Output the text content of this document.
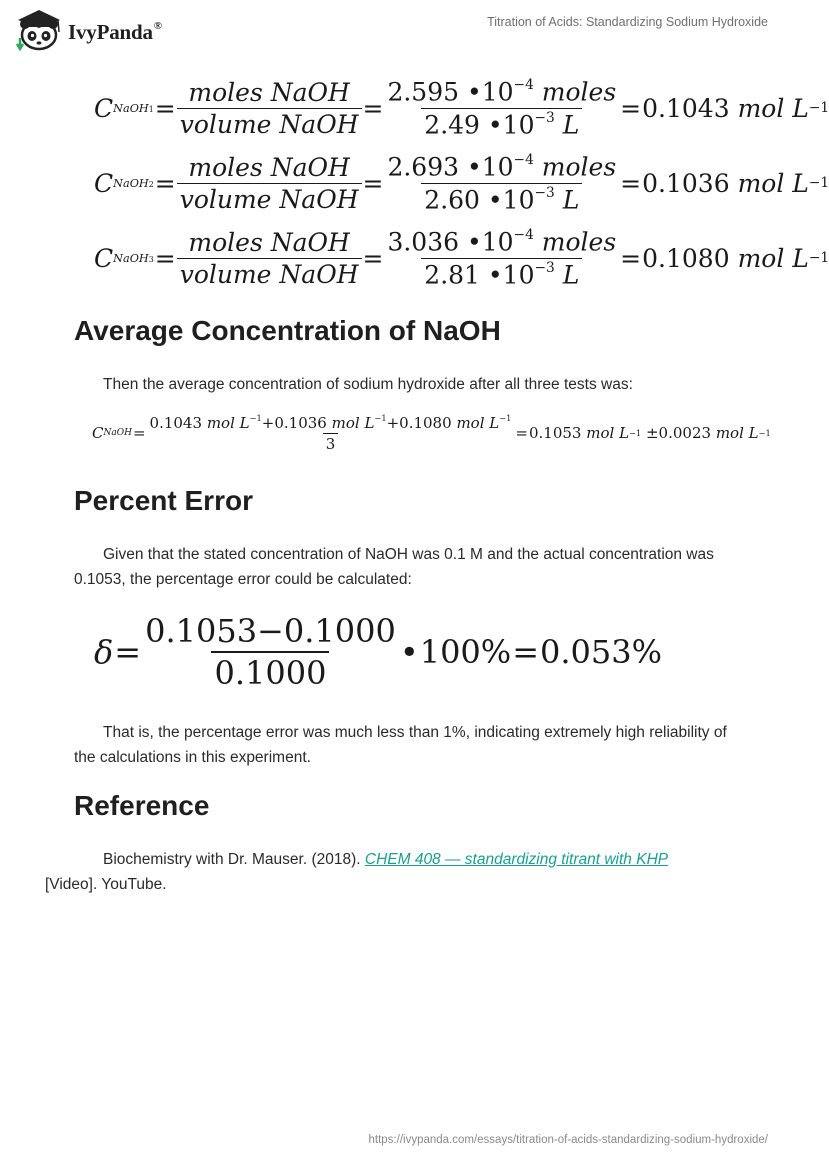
IvyPanda®	Titration of Acids: Standardizing Sodium Hydroxide
C NaOH1 = $\frac{\text{moles NaOH}}{\text{volume NaOH}} = \frac{2.595 •10^{-4} moles}{2.49 •10^{-3} L} = 0.1043$
mol L −1
C NaOH2 = $\frac{\text{moles NaOH}}{\text{volume NaOH}} = \frac{2.693 •10^{-4} moles}{2.60 •10^{-3} L} = 0.1036$
mol L −1
C NaOH3 = $\frac{\text{moles NaOH}}{\text{volume NaOH}} = \frac{3.036 •10^{-4} moles}{2.81 •10^{-3} L} = 0.1080$
mol L −1
Average Concentration of NaOH

Then the average concentration of sodium hydroxide after all three tests was:

C NaOH = $\frac{0.1043 mol L^{-1}+0.1036 mol L^{-1}+0.1080 mol L^{-1}}{3} = 0.1053$
mol L −1 ± 0.0023
mol L −1
Percent Error

Given that the stated concentration of NaOH was 0.1 M and the actual concentration was 0.1053, the percentage error could be calculated:

$\delta = \frac{0.1053-0.1000}{0.1000}$ • 100% = 0.053%

That is, the percentage error was much less than 1%, indicating extremely high reliability of the calculations in this experiment.

Reference

Biochemistry with Dr. Mauser. (2018). CHEM 408 — standardizing titrant with KHP
[Video]. YouTube.

https://ivypanda.com/essays/titration-of-acids-standardizing-sodium-hydroxide/
